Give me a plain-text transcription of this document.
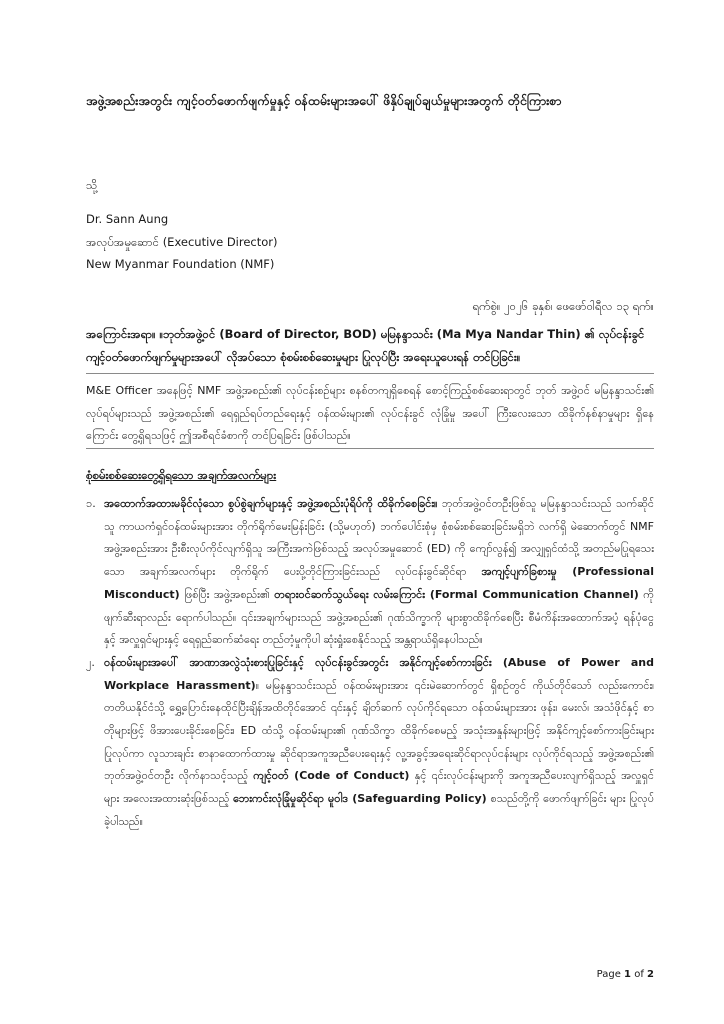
အဖွဲ့အစည်းအတွင်း ကျင့်ဝတ်ဖောက်ဖျက်မှုနှင့် ဝန်ထမ်းများအပေါ် ဖိနှိပ်ချုပ်ချယ်မှုများအတွက် တိုင်ကြားစာ
သို့
Dr. Sann Aung
အလုပ်အမှုဆောင် (Executive Director)
New Myanmar Foundation (NMF)
ရက်စွဲ။ ၂၀၂၆ ခုနှစ်၊ ဖေဖော်ဝါရီလ ၁၃ ရက်။
အကြောင်းအရာ။ ။ဘုတ်အဖွဲ့ဝင် (Board of Director, BOD) မမြနန္ဒာသင်း (Ma Mya Nandar Thin) ၏ လုပ်ငန်းခွင် ကျင့်ဝတ်ဖောက်ဖျက်မှုများအပေါ် လိုအပ်သော စုံစမ်းစစ်ဆေးမှုများ ပြုလုပ်ပြီး အရေးယူပေးရန် တင်ပြခြင်း။

M&E Officer အနေဖြင့် NMF အဖွဲ့အစည်း၏ လုပ်ငန်းစဉ်များ စနစ်တကျရှိစေရန် စောင့်ကြည့်စစ်ဆေးရာတွင် ဘုတ် အဖွဲ့ဝင် မမြနန္ဒာသင်း၏ လုပ်ရပ်များသည် အဖွဲ့အစည်း၏ ရေရှည်ရပ်တည်ရေးနှင့် ဝန်ထမ်းများ၏ လုပ်ငန်းခွင် လုံခြုံမှု အပေါ် ကြီးလေးသော ထိခိုက်နစ်နာမှုများ ရှိနေကြောင်း တွေ့ရှိရသဖြင့် ဤအစီရင်ခံစာကို တင်ပြရခြင်း ဖြစ်ပါသည်။

စုံစမ်းစစ်ဆေးတွေ့ရှိရသော အချက်အလက်များ
၁. အထောက်အထားမခိုင်လုံသော စွပ်စွဲချက်များနှင့် အဖွဲ့အစည်းပုံရိပ်ကို ထိခိုက်စေခြင်း။ ဘုတ်အဖွဲ့ဝင်တဦးဖြစ်သူ မမြနန္ဒာသင်းသည် သက်ဆိုင်သူ ကာယကံရှင်ဝန်ထမ်းများအား တိုက်ရိုက်မေးမြန်းခြင်း (သို့မဟုတ်) ဘက်ပေါင်းစုံမှ စုံစမ်းစစ်ဆေးခြင်းမရှိဘဲ လက်ရှိ မဲဆောက်တွင် NMF အဖွဲ့အစည်းအား ဦးစီးလုပ်ကိုင်လျက်ရှိသူ အကြီးအကဲဖြစ်သည့် အလုပ်အမှုဆောင် (ED) ကို ကျော်လွန်၍ အလျှုရှင်ထံသို့ အတည်မပြုရသေးသော အချက်အလက်များ တိုက်ရိုက် ပေးပို့တိုင်ကြားခြင်းသည် လုပ်ငန်းခွင်ဆိုင်ရာ အကျင့်ပျက်ခြစားမှု (Professional Misconduct) ဖြစ်ပြီး အဖွဲ့အစည်း၏ တရားဝင်ဆက်သွယ်ရေး လမ်းကြောင်း (Formal Communication Channel) ကို ဖျက်ဆီးရာလည်း ရောက်ပါသည်။ ၎င်းအချက်များသည် အဖွဲ့အစည်း၏ ဂုဏ်သိက္ခာကို များစွာထိခိုက်စေပြီး စီမံကိန်းအထောက်အပံ့ ရန်ပုံငွေနှင့် အလှူရှင်များနှင့် ရေရှည်ဆက်ဆံရေး တည်တံ့မှုကိုပါ ဆုံးရှုံးစေနိုင်သည့် အန္တရာယ်ရှိနေပါသည်။
၂. ဝန်ထမ်းများအပေါ် အာဏာအလွဲသုံးစားပြုခြင်းနှင့် လုပ်ငန်းခွင်အတွင်း အနိုင်ကျင့်စော်ကားခြင်း (Abuse of Power and Workplace Harassment)။ မမြနန္ဒာသင်းသည် ဝန်ထမ်းများအား ၎င်းမဲဆောက်တွင် ရှိစဉ်တွင် ကိုယ်တိုင်သော် လည်းကောင်း၊ တတိယနိုင်ငံသို့ ရွှေ့ပြောင်းနေထိုင်ပြီးချိန်အထိတိုင်အောင် ၎င်းနှင့် ချိတ်ဆက် လုပ်ကိုင်ရသော ဝန်ထမ်းများအား ဖုန်း၊ မေးလ်၊ အသံဖိုင်နှင့် စာတိုများဖြင့် ဖိအားပေးခိုင်းစေခြင်း၊ ED ထံသို့ ဝန်ထမ်းများ၏ ဂုဏ်သိက္ခာ ထိခိုက်စေမည့် အသုံးအနှုန်းများဖြင့် အနိုင်ကျင့်စော်ကားခြင်းများ ပြုလုပ်ကာ လူသားချင်း စာနာထောက်ထားမှု ဆိုင်ရာအကူအညီပေးရေးနှင့် လူ့အခွင့်အရေးဆိုင်ရာလုပ်ငန်းများ လုပ်ကိုင်ရသည့် အဖွဲ့အစည်း၏ ဘုတ်အဖွဲ့ဝင်တဦး လိုက်နာသင့်သည့် ကျင့်ဝတ် (Code of Conduct) နှင့် ၎င်းလုပ်ငန်းများကို အကူအညီပေးလျက်ရှိသည့် အလှူရှင်များ အလေးအထားဆုံးဖြစ်သည့် ဘေးကင်းလုံခြုံမှုဆိုင်ရာ မူဝါဒ (Safeguarding Policy) စသည်တို့ကို ဖောက်ဖျက်ခြင်း များ ပြုလုပ်ခဲ့ပါသည်။
Page 1 of 2
